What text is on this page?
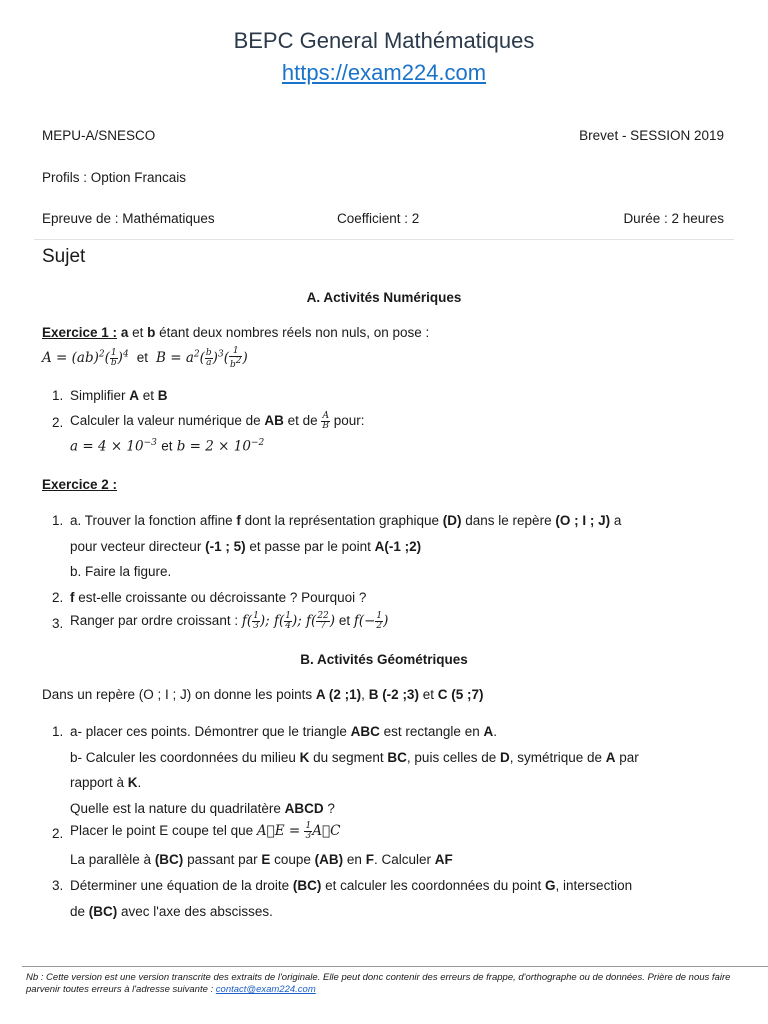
BEPC General Mathématiques
https://exam224.com
MEPU-A/SNESCO	Brevet - SESSION 2019
Profils : Option Francais
Epreuve de : Mathématiques	Coefficient : 2	Durée : 2 heures
Sujet
A. Activités Numériques
Exercice 1 : a et b étant deux nombres réels non nuls, on pose :
$A = (ab)^2( \frac{1}{b} )^4$  et  $B = a^2( \frac{b}{a} )^3( \frac{1}{b^2}$ )
1. Simplifier A et B
2. Calculer la valeur numérique de AB et de $\frac{A}{B}$ pour:
$a = 4 \times 10^{-3}$ et $b = 2 \times 10^{-2}$
Exercice 2 :
1. a. Trouver la fonction affine f dont la représentation graphique (D) dans le repère (O ; I ; J) a
pour vecteur directeur (-1 ; 5) et passe par le point A(-1 ;2)
b. Faire la figure.
2. f est-elle croissante ou décroissante ? Pourquoi ?
3. Ranger par ordre croissant : $f( \frac{1}{3}$ ); $f( \frac{1}{4}$ ); $f( \frac{22}{7}$ ) et $f(- \frac{1}{2}$ )
B. Activités Géométriques
Dans un repère (O ; I ; J) on donne les points A (2 ;1), B (-2 ;3) et C (5 ;7)
1. a- placer ces points. Démontrer que le triangle ABC est rectangle en A.
b- Calculer les coordonnées du milieu K du segment BC, puis celles de D, symétrique de A par
rapport à K.
Quelle est la nature du quadrilatère ABCD ?
2. Placer le point E coupe tel que A⃗E = $\frac{1}{3}$ A⃗C
La parallèle à (BC) passant par E coupe (AB) en F. Calculer AF
3. Déterminer une équation de la droite (BC) et calculer les coordonnées du point G, intersection
de (BC) avec l'axe des abscisses.
Nb : Cette version est une version transcrite des extraits de l'originale. Elle peut donc contenir des erreurs de frappe, d'orthographe ou de données. Prière de nous faire parvenir toutes erreurs à l'adresse suivante : contact@exam224.com
